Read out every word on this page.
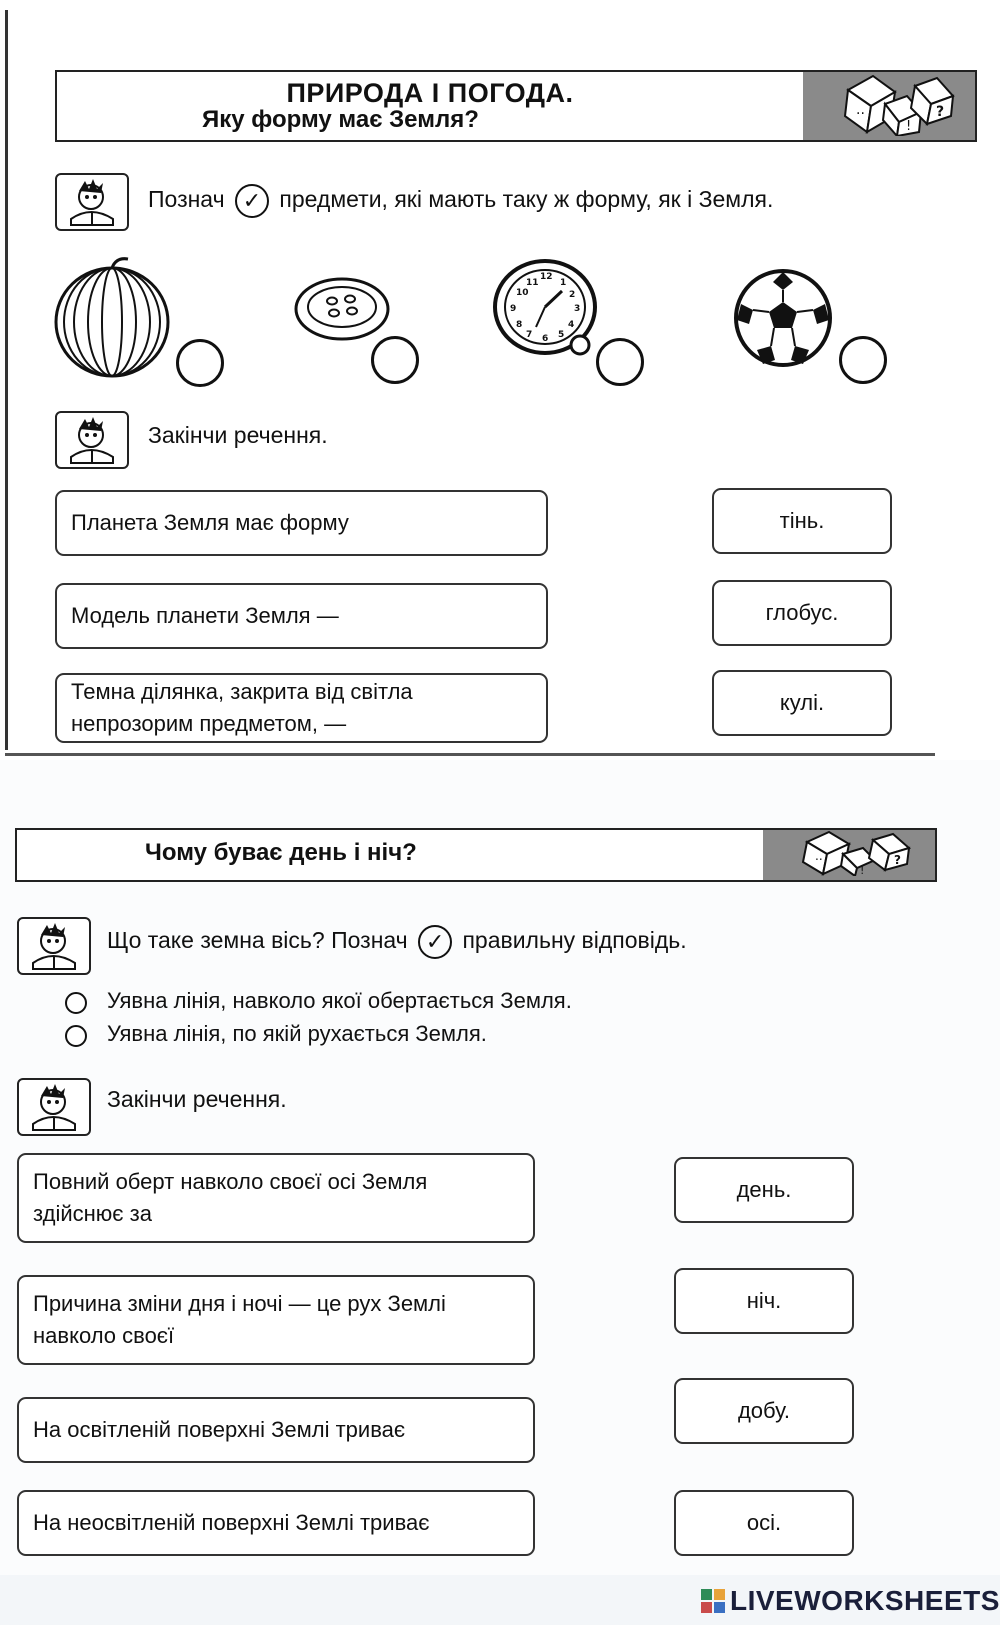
..
!
?
ПРИРОДА І ПОГОДА.
Яку форму має Земля?
Познач ✓ предмети, які мають таку ж форму, як і Земля.
12
3
6
9
1
2
4
5
7
8
10
11
Закінчи речення.
Планета Земля має форму
Модель планети Земля —
Темна ділянка, закрита від світла непрозорим предметом, —
тінь.
глобус.
кулі.
..
!
?
Чому буває день і ніч?
Що таке земна вісь? Познач ✓ правильну відповідь.
Уявна лінія, навколо якої обертається Земля.
Уявна лінія, по якій рухається Земля.
Закінчи речення.
Повний оберт навколо своєї осі Земля здійснює за
Причина зміни дня і ночі — це рух Землі навколо своєї
На освітленій поверхні Землі триває
На неосвітленій поверхні Землі триває
день.
ніч.
добу.
осі.
LIVEWORKSHEETS
